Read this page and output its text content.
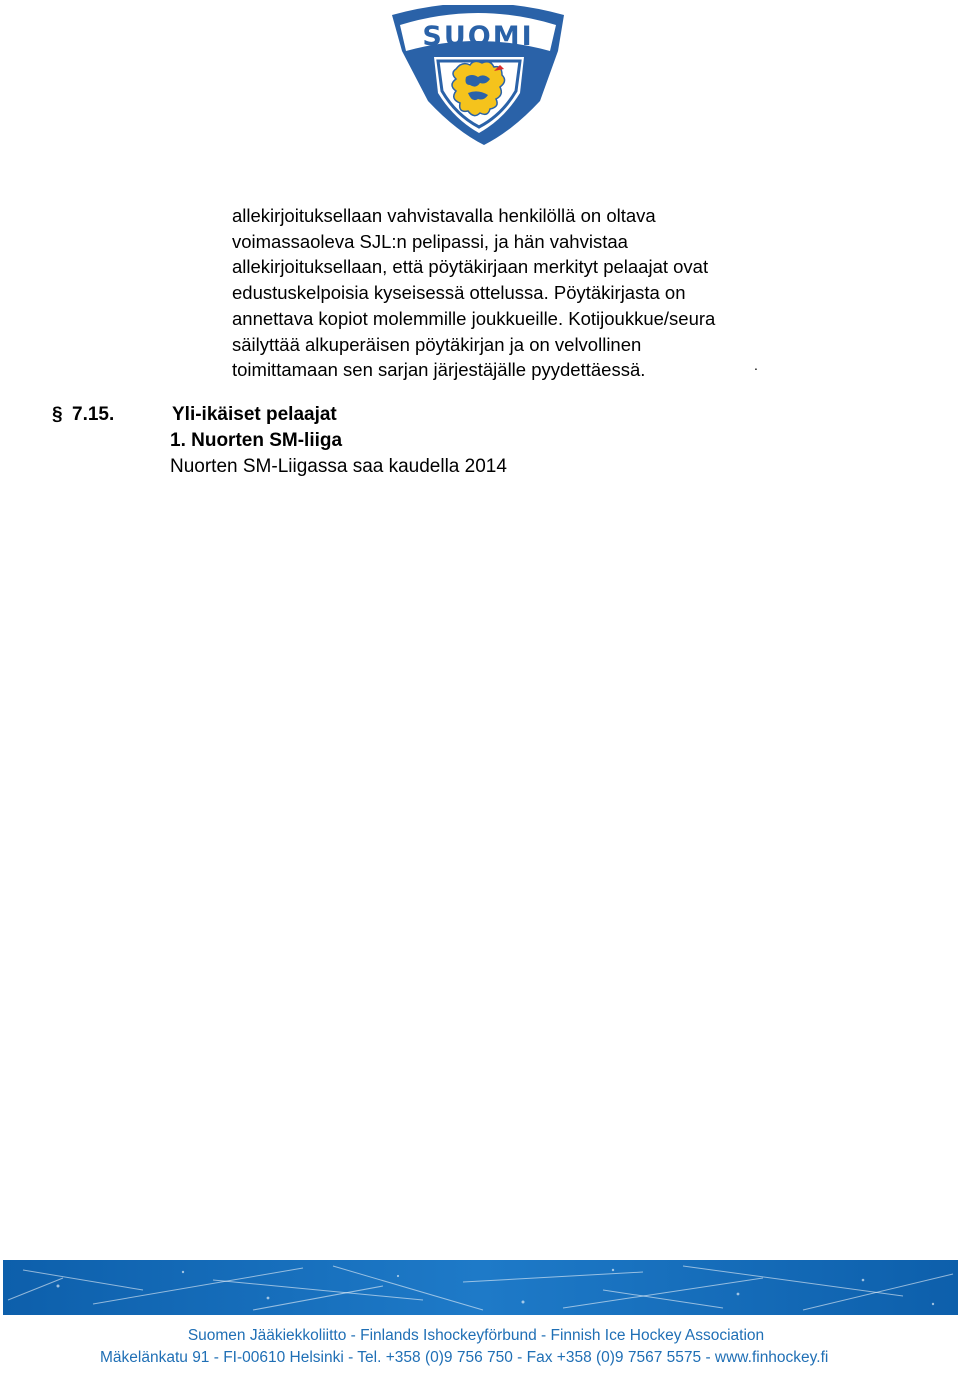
SUOMI
allekirjoituksellaan vahvistavalla henkilöllä on oltava
voimassaoleva SJL:n pelipassi, ja hän vahvistaa
allekirjoituksellaan, että pöytäkirjaan merkityt pelaajat ovat
edustuskelpoisia kyseisessä ottelussa. Pöytäkirjasta on
annettava kopiot molemmille joukkueille. Kotijoukkue/seura
säilyttää alkuperäisen pöytäkirjan ja on velvollinen
toimittamaan sen sarjan järjestäjälle pyydettäessä.	.
§ 7.15.	Yli-ikäiset pelaajat
1. Nuorten SM-liiga
Nuorten SM-Liigassa saa kaudella 2014
Suomen Jääkiekkoliitto - Finlands Ishockeyförbund - Finnish Ice Hockey Association
Mäkelänkatu 91 - FI-00610 Helsinki - Tel. +358 (0)9 756 750 - Fax +358 (0)9 7567 5575 - www.finhockey.fi
